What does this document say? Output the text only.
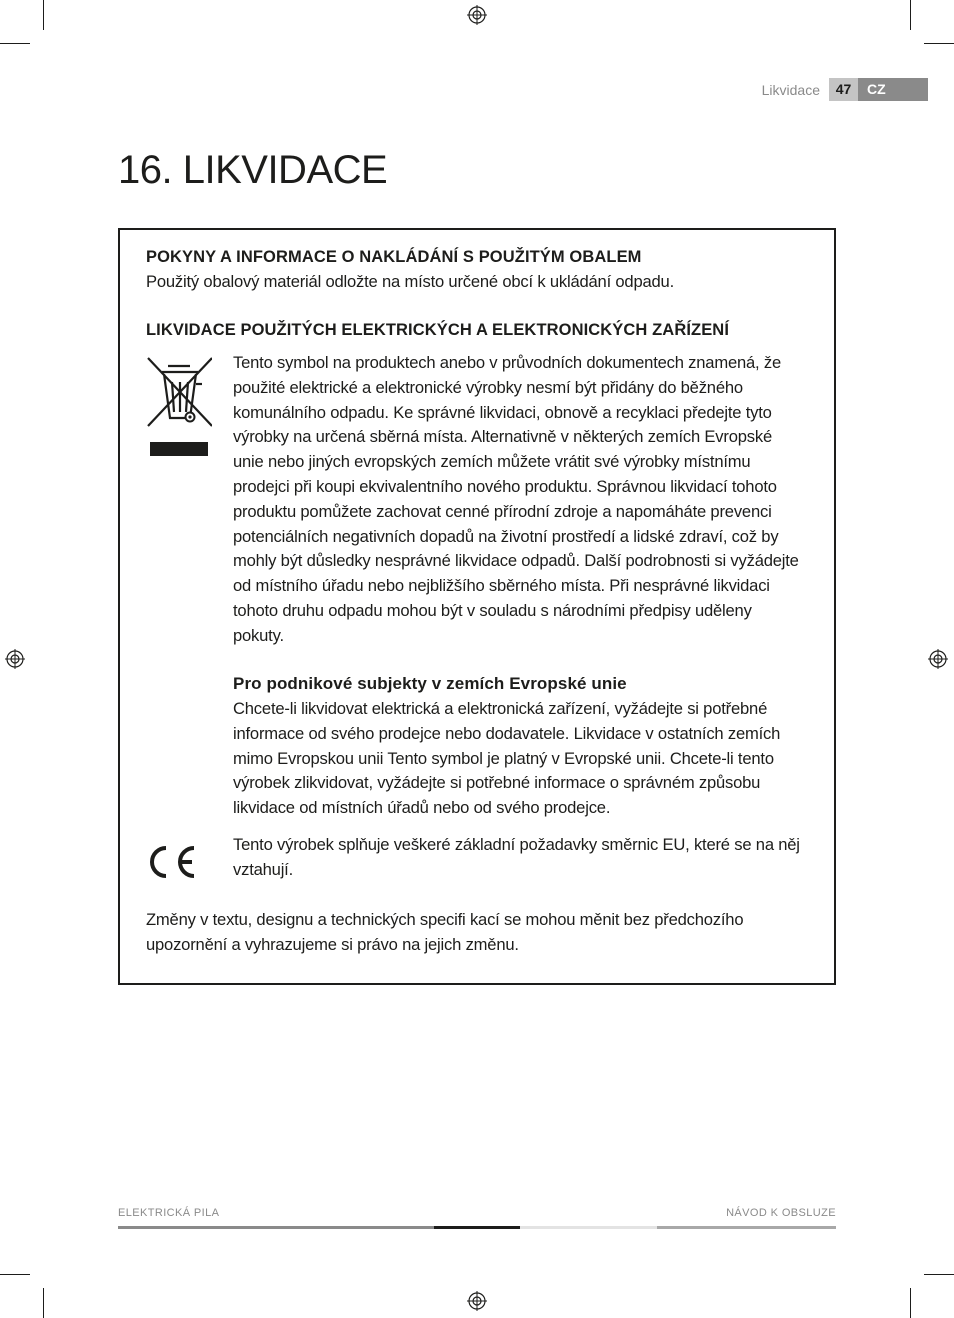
Likvidace	47	CZ
16. LIKVIDACE
POKYNY A INFORMACE O NAKLÁDÁNÍ S POUŽITÝM OBALEM

Použitý obalový materiál odložte na místo určené obcí k ukládání odpadu.

LIKVIDACE POUŽITÝCH ELEKTRICKÝCH A ELEKTRONICKÝCH ZAŘÍZENÍ

Tento symbol na produktech anebo v průvodních dokumentech znamená, že použité elektrické a elektronické výrobky nesmí být přidány do běžného komunálního odpadu. Ke správné likvidaci, obnově a recyklaci předejte tyto výrobky na určená sběrná místa. Alternativně v některých zemích Evropské unie nebo jiných evropských zemích můžete vrátit své výrobky místnímu prodejci při koupi ekvivalentního nového produktu. Správnou likvidací tohoto produktu pomůžete zachovat cenné přírodní zdroje a napomáháte prevenci potenciálních negativních dopadů na životní prostředí a lidské zdraví, což by mohly být důsledky nesprávné likvidace odpadů. Další podrobnosti si vyžádejte od místního úřadu nebo nejbližšího sběrného místa. Při nesprávné likvidaci tohoto druhu odpadu mohou být v souladu s národními předpisy uděleny pokuty.

Pro podnikové subjekty v zemích Evropské unie

Chcete-li likvidovat elektrická a elektronická zařízení, vyžádejte si potřebné informace od svého prodejce nebo dodavatele. Likvidace v ostatních zemích mimo Evropskou unii Tento symbol je platný v Evropské unii. Chcete-li tento výrobek zlikvidovat, vyžádejte si potřebné informace o správném způsobu likvidace od místních úřadů nebo od svého prodejce.

Tento výrobek splňuje veškeré základní požadavky směrnic EU, které se na něj vztahují.

Změny v textu, designu a technických specifi kací se mohou měnit bez předchozího upozornění a vyhrazujeme si právo na jejich změnu.

ELEKTRICKÁ PILA	NÁVOD K OBSLUZE
